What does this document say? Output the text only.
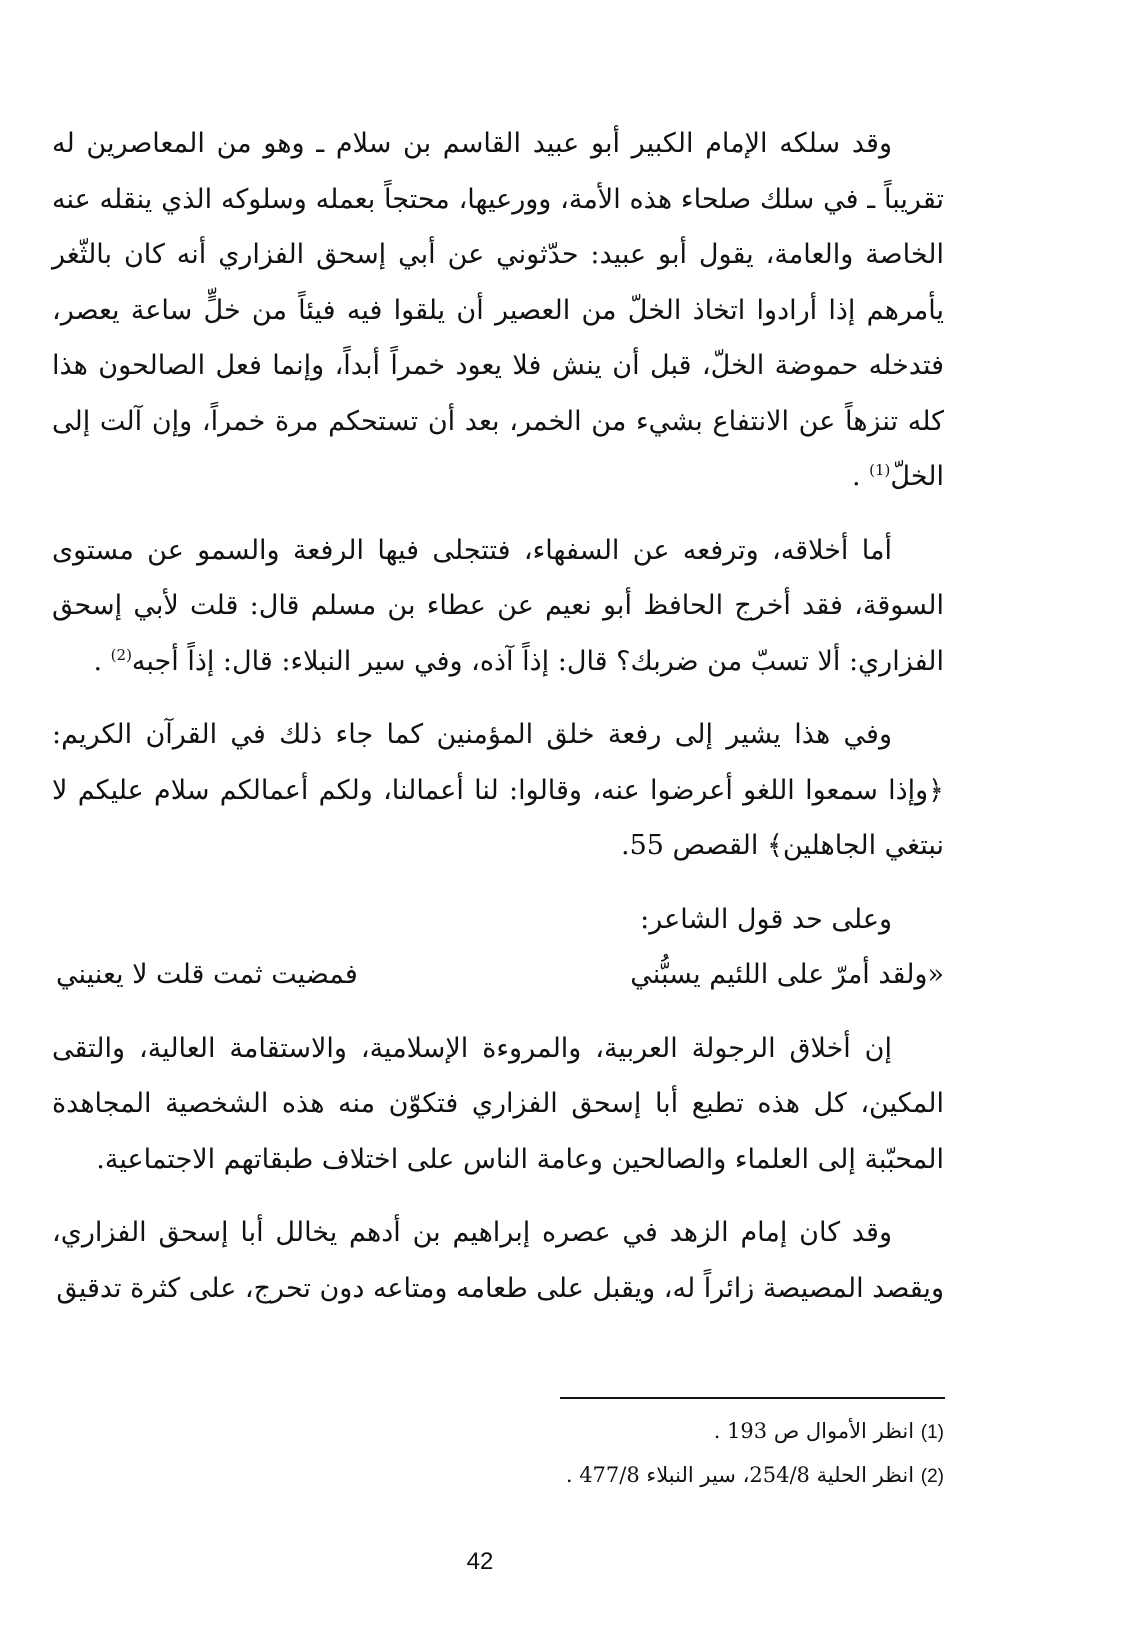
وقد سلكه الإمام الكبير أبو عبيد القاسم بن سلام ـ وهو من المعاصرين له تقريباً ـ في سلك صلحاء هذه الأمة، وورعيها، محتجاً بعمله وسلوكه الذي ينقله عنه الخاصة والعامة، يقول أبو عبيد: حدّثوني عن أبي إسحق الفزاري أنه كان بالثّغر يأمرهم إذا أرادوا اتخاذ الخلّ من العصير أن يلقوا فيه فيئاً من خلٍّ ساعة يعصر، فتدخله حموضة الخلّ، قبل أن ينش فلا يعود خمراً أبداً، وإنما فعل الصالحون هذا كله تنزهاً عن الانتفاع بشيء من الخمر، بعد أن تستحكم مرة خمراً، وإن آلت إلى الخلّ$^{(1)}$ .

أما أخلاقه، وترفعه عن السفهاء، فتتجلى فيها الرفعة والسمو عن مستوى السوقة، فقد أخرج الحافظ أبو نعيم عن عطاء بن مسلم قال: قلت لأبي إسحق الفزاري: ألا تسبّ من ضربك؟ قال: إذاً آذه، وفي سير النبلاء: قال: إذاً أجبه$^{(2)}$ .

وفي هذا يشير إلى رفعة خلق المؤمنين كما جاء ذلك في القرآن الكريم: ﴿وإذا سمعوا اللغو أعرضوا عنه، وقالوا: لنا أعمالنا، ولكم أعمالكم سلام عليكم لا نبتغي الجاهلين﴾ القصص 55.

وعلى حد قول الشاعر:

«ولقد أمرّ على اللئيم يسبُّني
فمضيت ثمت قلت لا يعنيني

إن أخلاق الرجولة العربية، والمروءة الإسلامية، والاستقامة العالية، والتقى المكين، كل هذه تطبع أبا إسحق الفزاري فتكوّن منه هذه الشخصية المجاهدة المحبّبة إلى العلماء والصالحين وعامة الناس على اختلاف طبقاتهم الاجتماعية.

وقد كان إمام الزهد في عصره إبراهيم بن أدهم يخالل أبا إسحق الفزاري، ويقصد المصيصة زائراً له، ويقبل على طعامه ومتاعه دون تحرج، على كثرة تدقيق

(1) انظر الأموال ص 193 .

(2) انظر الحلية 254/8، سير النبلاء 477/8 .

42
